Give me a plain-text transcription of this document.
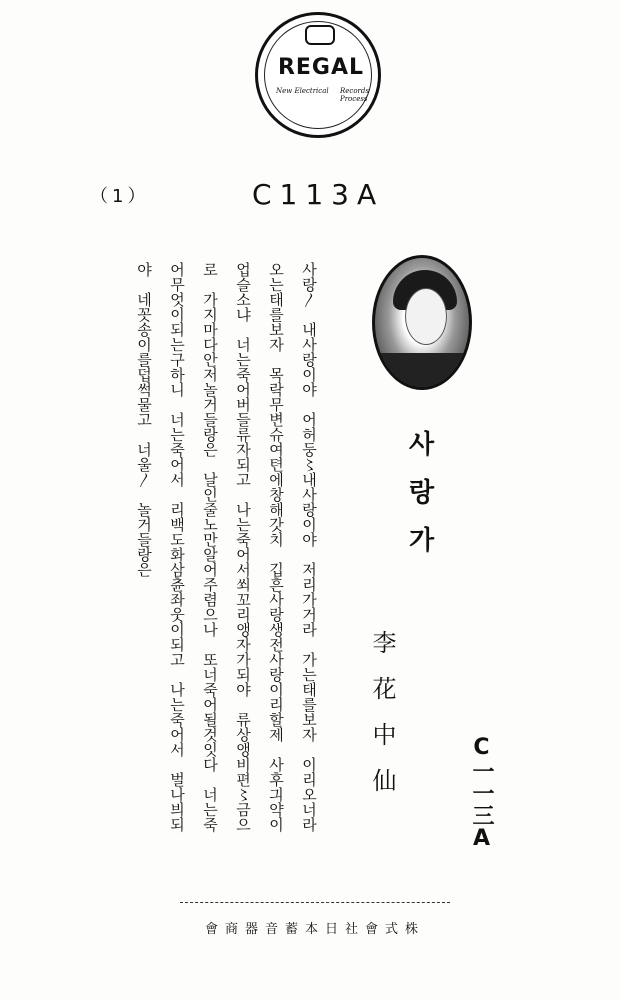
REGAL
New Electrical Records Process
（1）	C113A
사랑가
李花中仙	C一一三A
사랑〳　내사랑이야　어허둥〻내사랑이야　저리가거라　가는태를보자　이리오너라
오는태를보자　목락무변슈여텬에창해갓치　깁흔사랑생전사랑이리할제　사후긔약이
업슬소냐　너는죽어버들류자되고　나는죽어서쐬꼬리앵자가되야　류상앵비편〻금으
로　가지마다안저놀거들랑은　날인줄노만알어주렴으나　또너죽어될것잇다　너는죽
어무엇이되는구하니　너는죽어서　리백도화삼츈좌웃이되고　나는죽어서　벌나븨되
야　네꼿송이를덥썩물고　너울〳　놀거들랑은
株式會社日本蓄音器商會
